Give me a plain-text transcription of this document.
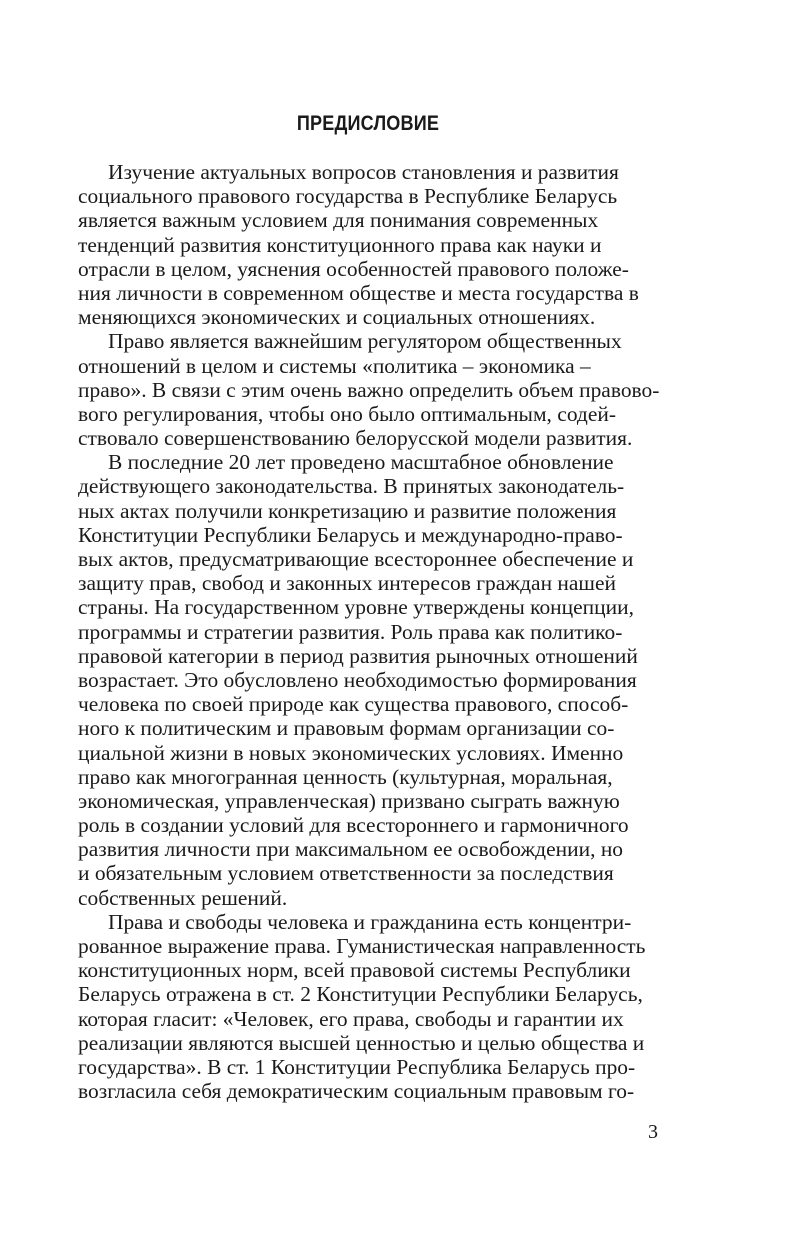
ПРЕДИСЛОВИЕ
Изучение актуальных вопросов становления и развития
социального правового государства в Республике Беларусь
является важным условием для понимания современных
тенденций развития конституционного права как науки и
отрасли в целом, уяснения особенностей правового положе-
ния личности в современном обществе и места государства в
меняющихся экономических и социальных отношениях.
Право является важнейшим регулятором общественных
отношений в целом и системы «политика – экономика –
право». В связи с этим очень важно определить объем правово-
вого регулирования, чтобы оно было оптимальным, содей-
ствовало совершенствованию белорусской модели развития.
В последние 20 лет проведено масштабное обновление
действующего законодательства. В принятых законодатель-
ных актах получили конкретизацию и развитие положения
Конституции Республики Беларусь и международно-право-
вых актов, предусматривающие всестороннее обеспечение и
защиту прав, свобод и законных интересов граждан нашей
страны. На государственном уровне утверждены концепции,
программы и стратегии развития. Роль права как политико-
правовой категории в период развития рыночных отношений
возрастает. Это обусловлено необходимостью формирования
человека по своей природе как существа правового, способ-
ного к политическим и правовым формам организации со-
циальной жизни в новых экономических условиях. Именно
право как многогранная ценность (культурная, моральная,
экономическая, управленческая) призвано сыграть важную
роль в создании условий для всестороннего и гармоничного
развития личности при максимальном ее освобождении, но
и обязательным условием ответственности за последствия
собственных решений.
Права и свободы человека и гражданина есть концентри-
рованное выражение права. Гуманистическая направленность
конституционных норм, всей правовой системы Республики
Беларусь отражена в ст. 2 Конституции Республики Беларусь,
которая гласит: «Человек, его права, свободы и гарантии их
реализации являются высшей ценностью и целью общества и
государства». В ст. 1 Конституции Республика Беларусь про-
возгласила себя демократическим социальным правовым го-
3
